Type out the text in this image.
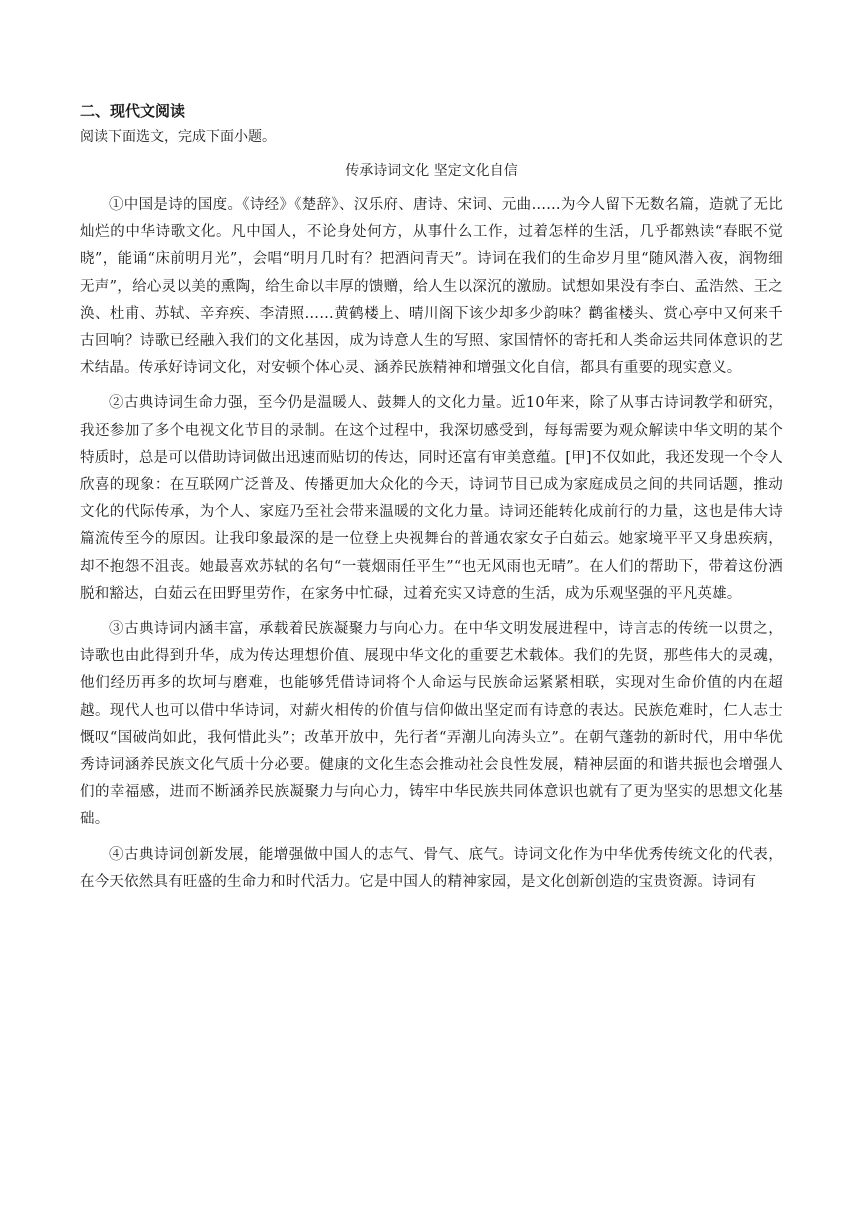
二、现代文阅读
阅读下面选文，完成下面小题。
传承诗词文化 坚定文化自信

①中国是诗的国度。《诗经》《楚辞》、汉乐府、唐诗、宋词、元曲……为今人留下无数名篇，造就了无比灿烂的中华诗歌文化。凡中国人，不论身处何方，从事什么工作，过着怎样的生活，几乎都熟读“春眠不觉晓”，能诵“床前明月光”，会唱“明月几时有？把酒问青天”。诗词在我们的生命岁月里“随风潜入夜，润物细无声”，给心灵以美的熏陶，给生命以丰厚的馈赠，给人生以深沉的激励。试想如果没有李白、孟浩然、王之涣、杜甫、苏轼、辛弃疾、李清照……黄鹤楼上、晴川阁下该少却多少韵味？鹳雀楼头、赏心亭中又何来千古回响？诗歌已经融入我们的文化基因，成为诗意人生的写照、家国情怀的寄托和人类命运共同体意识的艺术结晶。传承好诗词文化，对安顿个体心灵、涵养民族精神和增强文化自信，都具有重要的现实意义。

②古典诗词生命力强，至今仍是温暖人、鼓舞人的文化力量。近10年来，除了从事古诗词教学和研究，我还参加了多个电视文化节目的录制。在这个过程中，我深切感受到，每每需要为观众解读中华文明的某个特质时，总是可以借助诗词做出迅速而贴切的传达，同时还富有审美意蕴。[甲]不仅如此，我还发现一个令人欣喜的现象：在互联网广泛普及、传播更加大众化的今天，诗词节目已成为家庭成员之间的共同话题，推动文化的代际传承，为个人、家庭乃至社会带来温暖的文化力量。诗词还能转化成前行的力量，这也是伟大诗篇流传至今的原因。让我印象最深的是一位登上央视舞台的普通农家女子白茹云。她家境平平又身患疾病，却不抱怨不沮丧。她最喜欢苏轼的名句“一蓑烟雨任平生”“也无风雨也无晴”。在人们的帮助下，带着这份洒脱和豁达，白茹云在田野里劳作，在家务中忙碌，过着充实又诗意的生活，成为乐观坚强的平凡英雄。

③古典诗词内涵丰富，承载着民族凝聚力与向心力。在中华文明发展进程中，诗言志的传统一以贯之，诗歌也由此得到升华，成为传达理想价值、展现中华文化的重要艺术载体。我们的先贤，那些伟大的灵魂，他们经历再多的坎坷与磨难，也能够凭借诗词将个人命运与民族命运紧紧相联，实现对生命价值的内在超越。现代人也可以借中华诗词，对薪火相传的价值与信仰做出坚定而有诗意的表达。民族危难时，仁人志士慨叹“国破尚如此，我何惜此头”；改革开放中，先行者“弄潮儿向涛头立”。在朝气蓬勃的新时代，用中华优秀诗词涵养民族文化气质十分必要。健康的文化生态会推动社会良性发展，精神层面的和谐共振也会增强人们的幸福感，进而不断涵养民族凝聚力与向心力，铸牢中华民族共同体意识也就有了更为坚实的思想文化基础。

④古典诗词创新发展，能增强做中国人的志气、骨气、底气。诗词文化作为中华优秀传统文化的代表，在今天依然具有旺盛的生命力和时代活力。它是中国人的精神家园，是文化创新创造的宝贵资源。诗词有
